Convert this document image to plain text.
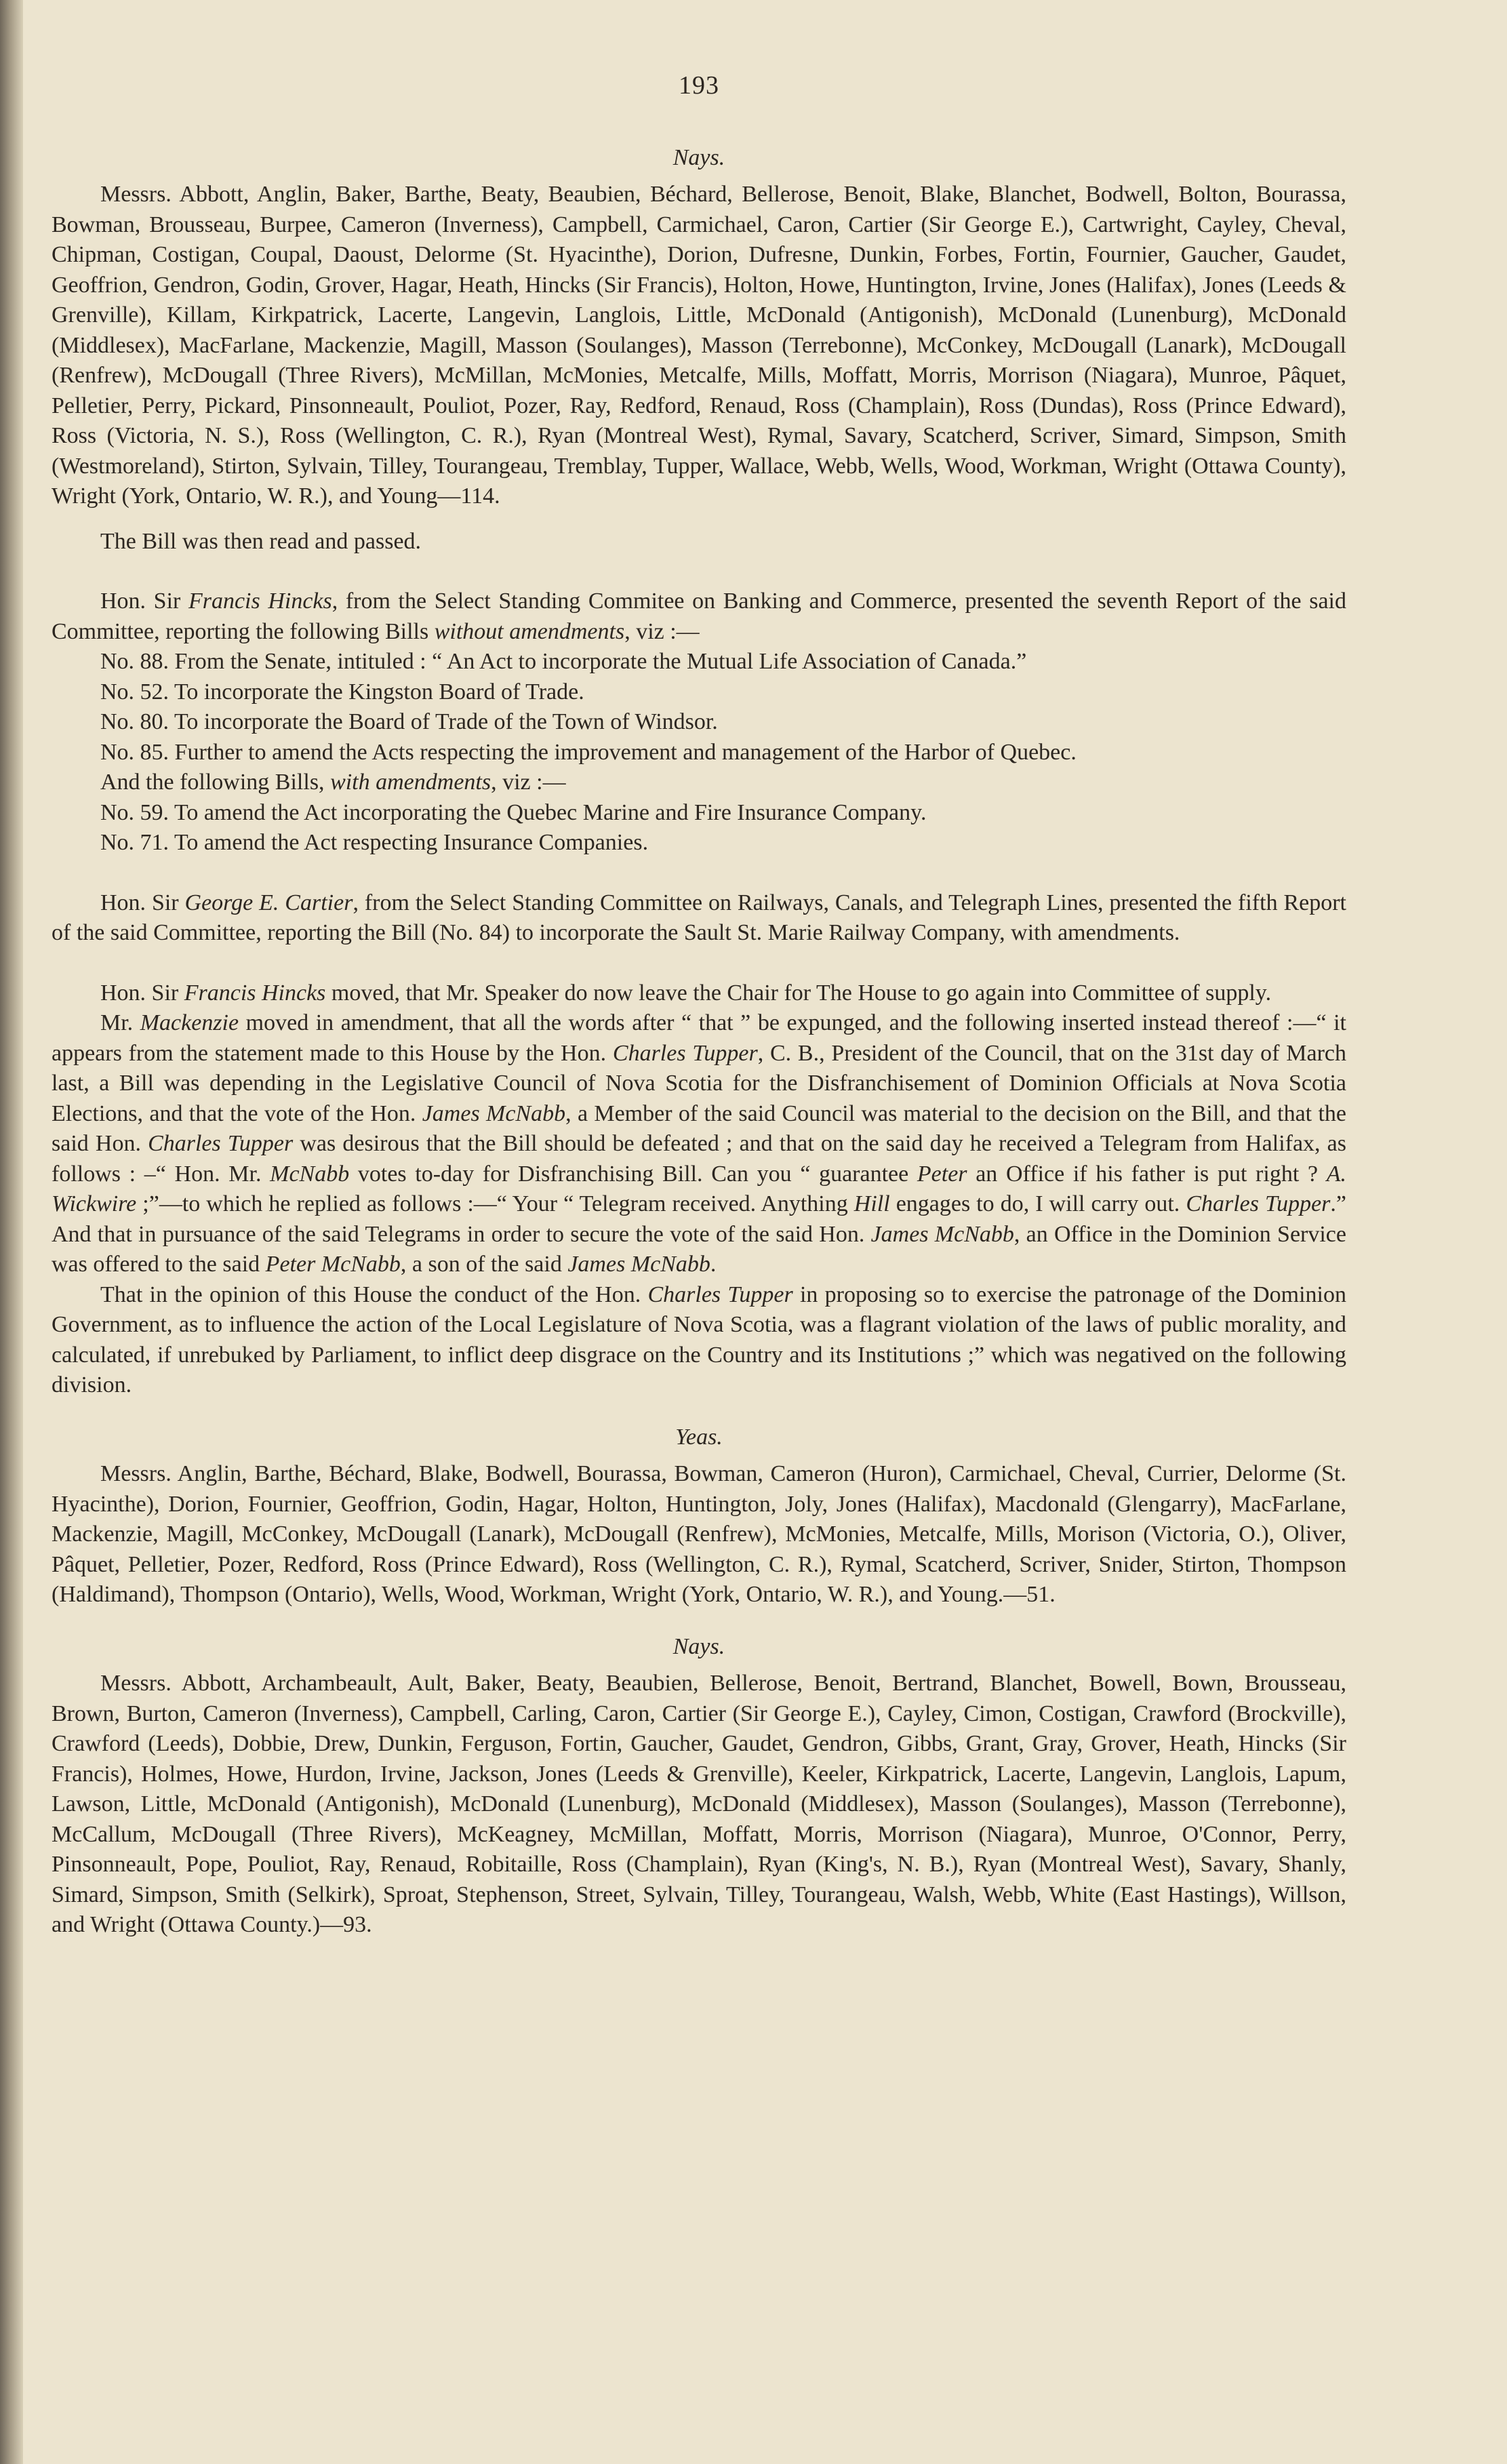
193
Nays.

Messrs. Abbott, Anglin, Baker, Barthe, Beaty, Beaubien, Béchard, Bellerose, Benoit, Blake, Blanchet, Bodwell, Bolton, Bourassa, Bowman, Brousseau, Burpee, Cameron (Inverness), Campbell, Carmichael, Caron, Cartier (Sir George E.), Cartwright, Cayley, Cheval, Chipman, Costigan, Coupal, Daoust, Delorme (St. Hyacinthe), Dorion, Dufresne, Dunkin, Forbes, Fortin, Fournier, Gaucher, Gaudet, Geoffrion, Gendron, Godin, Grover, Hagar, Heath, Hincks (Sir Francis), Holton, Howe, Huntington, Irvine, Jones (Halifax), Jones (Leeds & Grenville), Killam, Kirkpatrick, Lacerte, Langevin, Langlois, Little, McDonald (Antigonish), McDonald (Lunenburg), McDonald (Middlesex), MacFarlane, Mackenzie, Magill, Masson (Soulanges), Masson (Terrebonne), McConkey, McDougall (Lanark), McDougall (Renfrew), McDougall (Three Rivers), McMillan, McMonies, Metcalfe, Mills, Moffatt, Morris, Morrison (Niagara), Munroe, Pâquet, Pelletier, Perry, Pickard, Pinsonneault, Pouliot, Pozer, Ray, Redford, Renaud, Ross (Champlain), Ross (Dundas), Ross (Prince Edward), Ross (Victoria, N. S.), Ross (Wellington, C. R.), Ryan (Montreal West), Rymal, Savary, Scatcherd, Scriver, Simard, Simpson, Smith (Westmoreland), Stirton, Sylvain, Tilley, Tourangeau, Tremblay, Tupper, Wallace, Webb, Wells, Wood, Workman, Wright (Ottawa County), Wright (York, Ontario, W. R.), and Young—114.

The Bill was then read and passed.

Hon. Sir Francis Hincks, from the Select Standing Commitee on Banking and Commerce, presented the seventh Report of the said Committee, reporting the following Bills without amendments, viz :—

No. 88. From the Senate, intituled : “ An Act to incorporate the Mutual Life Association of Canada.”
No. 52. To incorporate the Kingston Board of Trade.
No. 80. To incorporate the Board of Trade of the Town of Windsor.
No. 85. Further to amend the Acts respecting the improvement and management of the Harbor of Quebec.
And the following Bills, with amendments, viz :—
No. 59. To amend the Act incorporating the Quebec Marine and Fire Insurance Company.
No. 71. To amend the Act respecting Insurance Companies.

Hon. Sir George E. Cartier, from the Select Standing Committee on Railways, Canals, and Telegraph Lines, presented the fifth Report of the said Committee, reporting the Bill (No. 84) to incorporate the Sault St. Marie Railway Company, with amendments.

Hon. Sir Francis Hincks moved, that Mr. Speaker do now leave the Chair for The House to go again into Committee of supply.

Mr. Mackenzie moved in amendment, that all the words after “ that ” be expunged, and the following inserted instead thereof :—“ it appears from the statement made to this House by the Hon. Charles Tupper, C. B., President of the Council, that on the 31st day of March last, a Bill was depending in the Legislative Council of Nova Scotia for the Disfranchisement of Dominion Officials at Nova Scotia Elections, and that the vote of the Hon. James McNabb, a Member of the said Council was material to the decision on the Bill, and that the said Hon. Charles Tupper was desirous that the Bill should be defeated ; and that on the said day he received a Telegram from Halifax, as follows : –“ Hon. Mr. McNabb votes to-day for Disfranchising Bill. Can you “ guarantee Peter an Office if his father is put right ? A. Wickwire ;”—to which he replied as follows :—“ Your “ Telegram received. Anything Hill engages to do, I will carry out. Charles Tupper.” And that in pursuance of the said Telegrams in order to secure the vote of the said Hon. James McNabb, an Office in the Dominion Service was offered to the said Peter McNabb, a son of the said James McNabb.

That in the opinion of this House the conduct of the Hon. Charles Tupper in proposing so to exercise the patronage of the Dominion Government, as to influence the action of the Local Legislature of Nova Scotia, was a flagrant violation of the laws of public morality, and calculated, if unrebuked by Parliament, to inflict deep disgrace on the Country and its Institutions ;” which was negatived on the following division.

Yeas.

Messrs. Anglin, Barthe, Béchard, Blake, Bodwell, Bourassa, Bowman, Cameron (Huron), Carmichael, Cheval, Currier, Delorme (St. Hyacinthe), Dorion, Fournier, Geoffrion, Godin, Hagar, Holton, Huntington, Joly, Jones (Halifax), Macdonald (Glengarry), MacFarlane, Mackenzie, Magill, McConkey, McDougall (Lanark), McDougall (Renfrew), McMonies, Metcalfe, Mills, Morison (Victoria, O.), Oliver, Pâquet, Pelletier, Pozer, Redford, Ross (Prince Edward), Ross (Wellington, C. R.), Rymal, Scatcherd, Scriver, Snider, Stirton, Thompson (Haldimand), Thompson (Ontario), Wells, Wood, Workman, Wright (York, Ontario, W. R.), and Young.—51.

Nays.

Messrs. Abbott, Archambeault, Ault, Baker, Beaty, Beaubien, Bellerose, Benoit, Bertrand, Blanchet, Bowell, Bown, Brousseau, Brown, Burton, Cameron (Inverness), Campbell, Carling, Caron, Cartier (Sir George E.), Cayley, Cimon, Costigan, Crawford (Brockville), Crawford (Leeds), Dobbie, Drew, Dunkin, Ferguson, Fortin, Gaucher, Gaudet, Gendron, Gibbs, Grant, Gray, Grover, Heath, Hincks (Sir Francis), Holmes, Howe, Hurdon, Irvine, Jackson, Jones (Leeds & Grenville), Keeler, Kirkpatrick, Lacerte, Langevin, Langlois, Lapum, Lawson, Little, McDonald (Antigonish), McDonald (Lunenburg), McDonald (Middlesex), Masson (Soulanges), Masson (Terrebonne), McCallum, McDougall (Three Rivers), McKeagney, McMillan, Moffatt, Morris, Morrison (Niagara), Munroe, O'Connor, Perry, Pinsonneault, Pope, Pouliot, Ray, Renaud, Robitaille, Ross (Champlain), Ryan (King's, N. B.), Ryan (Montreal West), Savary, Shanly, Simard, Simpson, Smith (Selkirk), Sproat, Stephenson, Street, Sylvain, Tilley, Tourangeau, Walsh, Webb, White (East Hastings), Willson, and Wright (Ottawa County.)—93.
